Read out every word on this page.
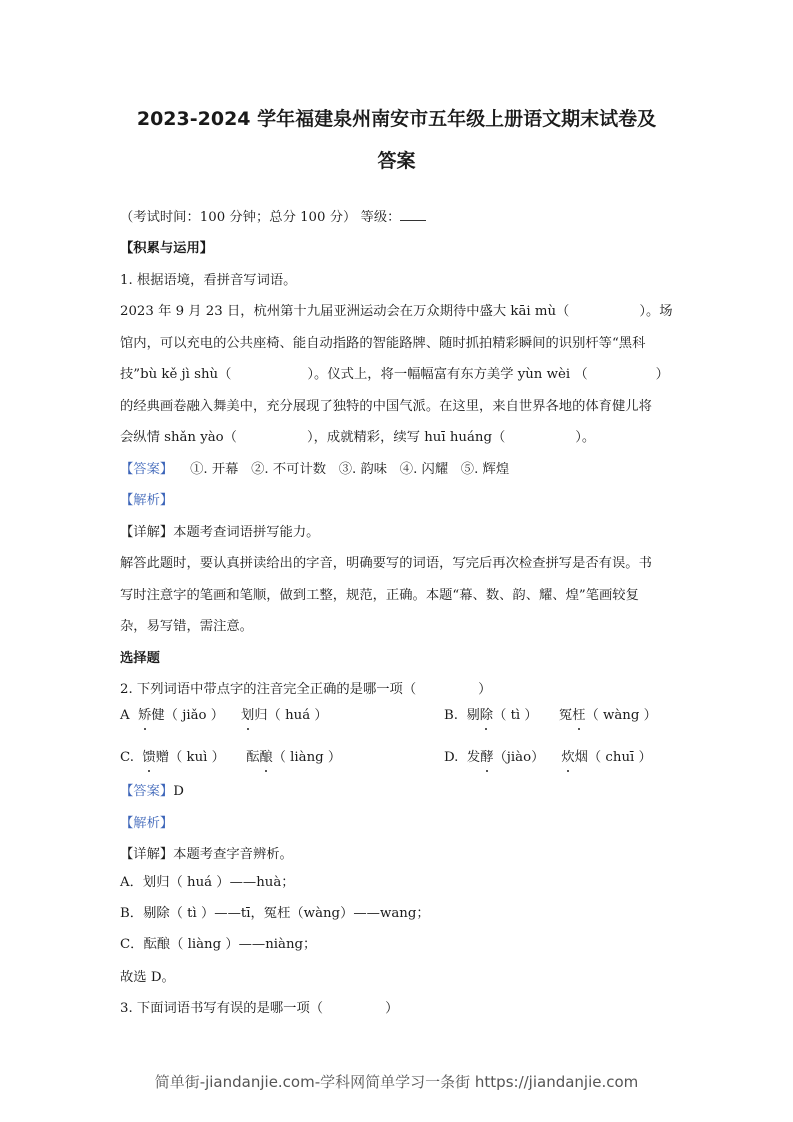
2023-2024 学年福建泉州南安市五年级上册语文期末试卷及
答案
（考试时间：100 分钟；总分 100 分） 等级：
【积累与运用】
1. 根据语境，看拼音写词语。
2023 年 9 月 23 日，杭州第十九届亚洲运动会在万众期待中盛大 kāi mù（	）。场
馆内，可以充电的公共座椅、能自动指路的智能路牌、随时抓拍精彩瞬间的识别杆等“黑科
技”bù kě jì shù（	）。仪式上，将一幅幅富有东方美学 yùn wèi （	）
的经典画卷融入舞美中，充分展现了独特的中国气派。在这里，来自世界各地的体育健儿将
会纵情 shǎn yào（	），成就精彩，续写 huī huáng（	）。
【答案】 ①. 开幕   ②. 不可计数   ③. 韵味   ④. 闪耀   ⑤. 辉煌
【解析】
【详解】本题考查词语拼写能力。
解答此题时，要认真拼读给出的字音，明确要写的词语，写完后再次检查拼写是否有误。书
写时注意字的笔画和笔顺，做到工整，规范，正确。本题“幕、数、韵、耀、煌”笔画较复
杂，易写错，需注意。
选择题
2. 下列词语中带点字的注音完全正确的是哪一项（	）
A 矫健（ jiǎo ） 划归（ huá ）	B. 剔除（ tì ） 冤枉（ wàng ）
C. 馈赠（ kuì ） 酝酿（ liàng ）	D. 发酵（jiào） 炊烟（ chuī ）
【答案】D
【解析】
【详解】本题考查字音辨析。
A．划归（ huá ）——huà；
B．剔除（ tì ）——tī，冤枉（wàng）——wang；
C．酝酿（ liàng ）——niàng；
故选 D。
3. 下面词语书写有误的是哪一项（	）
简单街-jiandanjie.com-学科网简单学习一条街 https://jiandanjie.com
